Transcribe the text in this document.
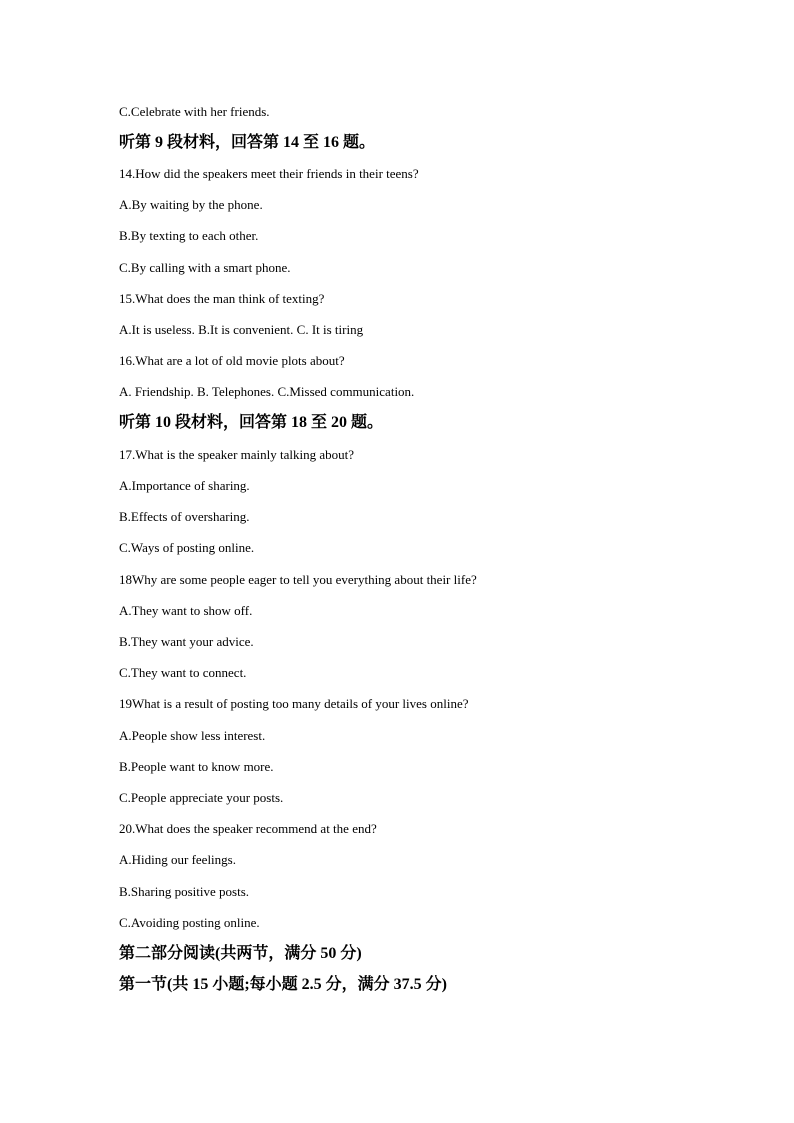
C.Celebrate with her friends.
听第 9 段材料，回答第 14 至 16 题。
14.How did the speakers meet their friends in their teens?
A.By waiting by the phone.
B.By texting to each other.
C.By calling with a smart phone.
15.What does the man think of texting?
A.It is useless. B.It is convenient. C. It is tiring
16.What are a lot of old movie plots about?
A. Friendship. B. Telephones. C.Missed communication.
听第 10 段材料，回答第 18 至 20 题。
17.What is the speaker mainly talking about?
A.Importance of sharing.
B.Effects of oversharing.
C.Ways of posting online.
18Why are some people eager to tell you everything about their life?
A.They want to show off.
B.They want your advice.
C.They want to connect.
19What is a result of posting too many details of your lives online?
A.People show less interest.
B.People want to know more.
C.People appreciate your posts.
20.What does the speaker recommend at the end?
A.Hiding our feelings.
B.Sharing positive posts.
C.Avoiding posting online.
第二部分阅读(共两节，满分 50 分)
第一节(共 15 小题;每小题 2.5 分，满分 37.5 分)
